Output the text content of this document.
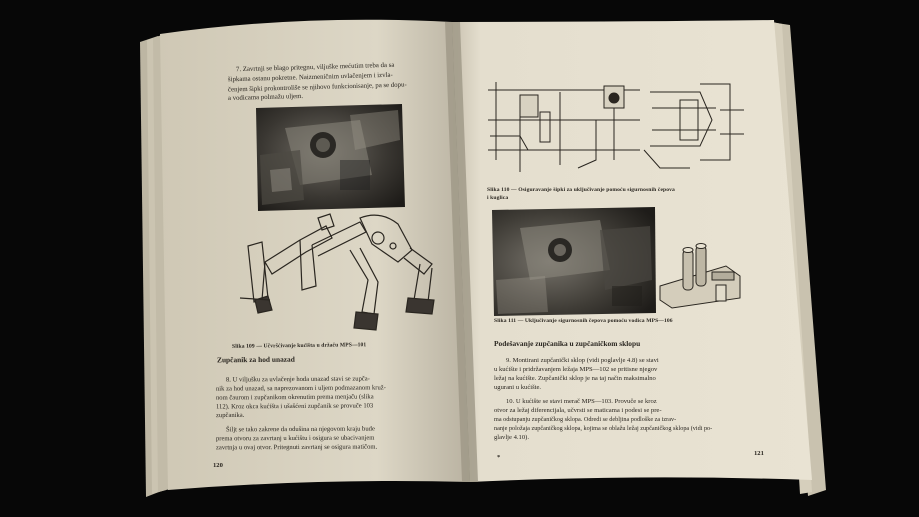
7. Zavrtnji se blago pritegnu, viljuške mećutim treba da sa
šipkama ostanu pokretne. Naizmeničnim uvlačenjem i izvla-
čenjem šipki prokontroliše se njihovo funkcionisanje, pa se dopu-
a vodicama polmažu uljem.
Slika 109 — Učvršćivanje kućišta u držaču MPS—101
Zupčanik za hod unazad
8. U viljušku za uvlačenje hoda unazad stavi se zupča-
nik za hod unazad, sa naprezovanom i uljem podmazanom kruž-
nom čaurom i zupčanikom okrenutim prema menjaču (slika
112). Kroz okca kućišta i ušašćeni zupčanik se provuče 103
zupčanika.
Šiljt se tako zakrene da odušina na njegovom kraju bude
prema otvoru za zavrtanj u kućištu i osigura se ubacivanjem
zavrtnja u ovaj otvor. Pritegnuti zavrtanj se osigura matičom.
120
Slika 110 — Osiguravanje šipki za uključivanje pomoću sigurnosnih čepova
i kuglica
Slika 111 — Uključivanje sigurnosnih čepova pomoću vodica MPS—106
Podešavanje zupčanika u zupčaničkom sklopu
9. Montirani zupčanički sklop (vidi poglavlje 4.8) se stavi
u kućište i pridržavanjem ležaja MPS—102 se pritisne njegov
ležaj na kućište. Zupčanički sklop je na taj način maksimalno
ugurani u kućište.
10. U kućište se stavi merač MPS—103. Provuče se kroz
otvor za ležaj diferencijala, učvrsti se maticama i podesi se pre-
ma odstupanju zupčaničkog sklopa. Odredi se debljina podloške za izrav-
nanje položaja zupčaničkog sklopa, kojima se oblažu ležaj zupčaničkog sklopa (vidi po-
glavlje 4.10).
*
121
